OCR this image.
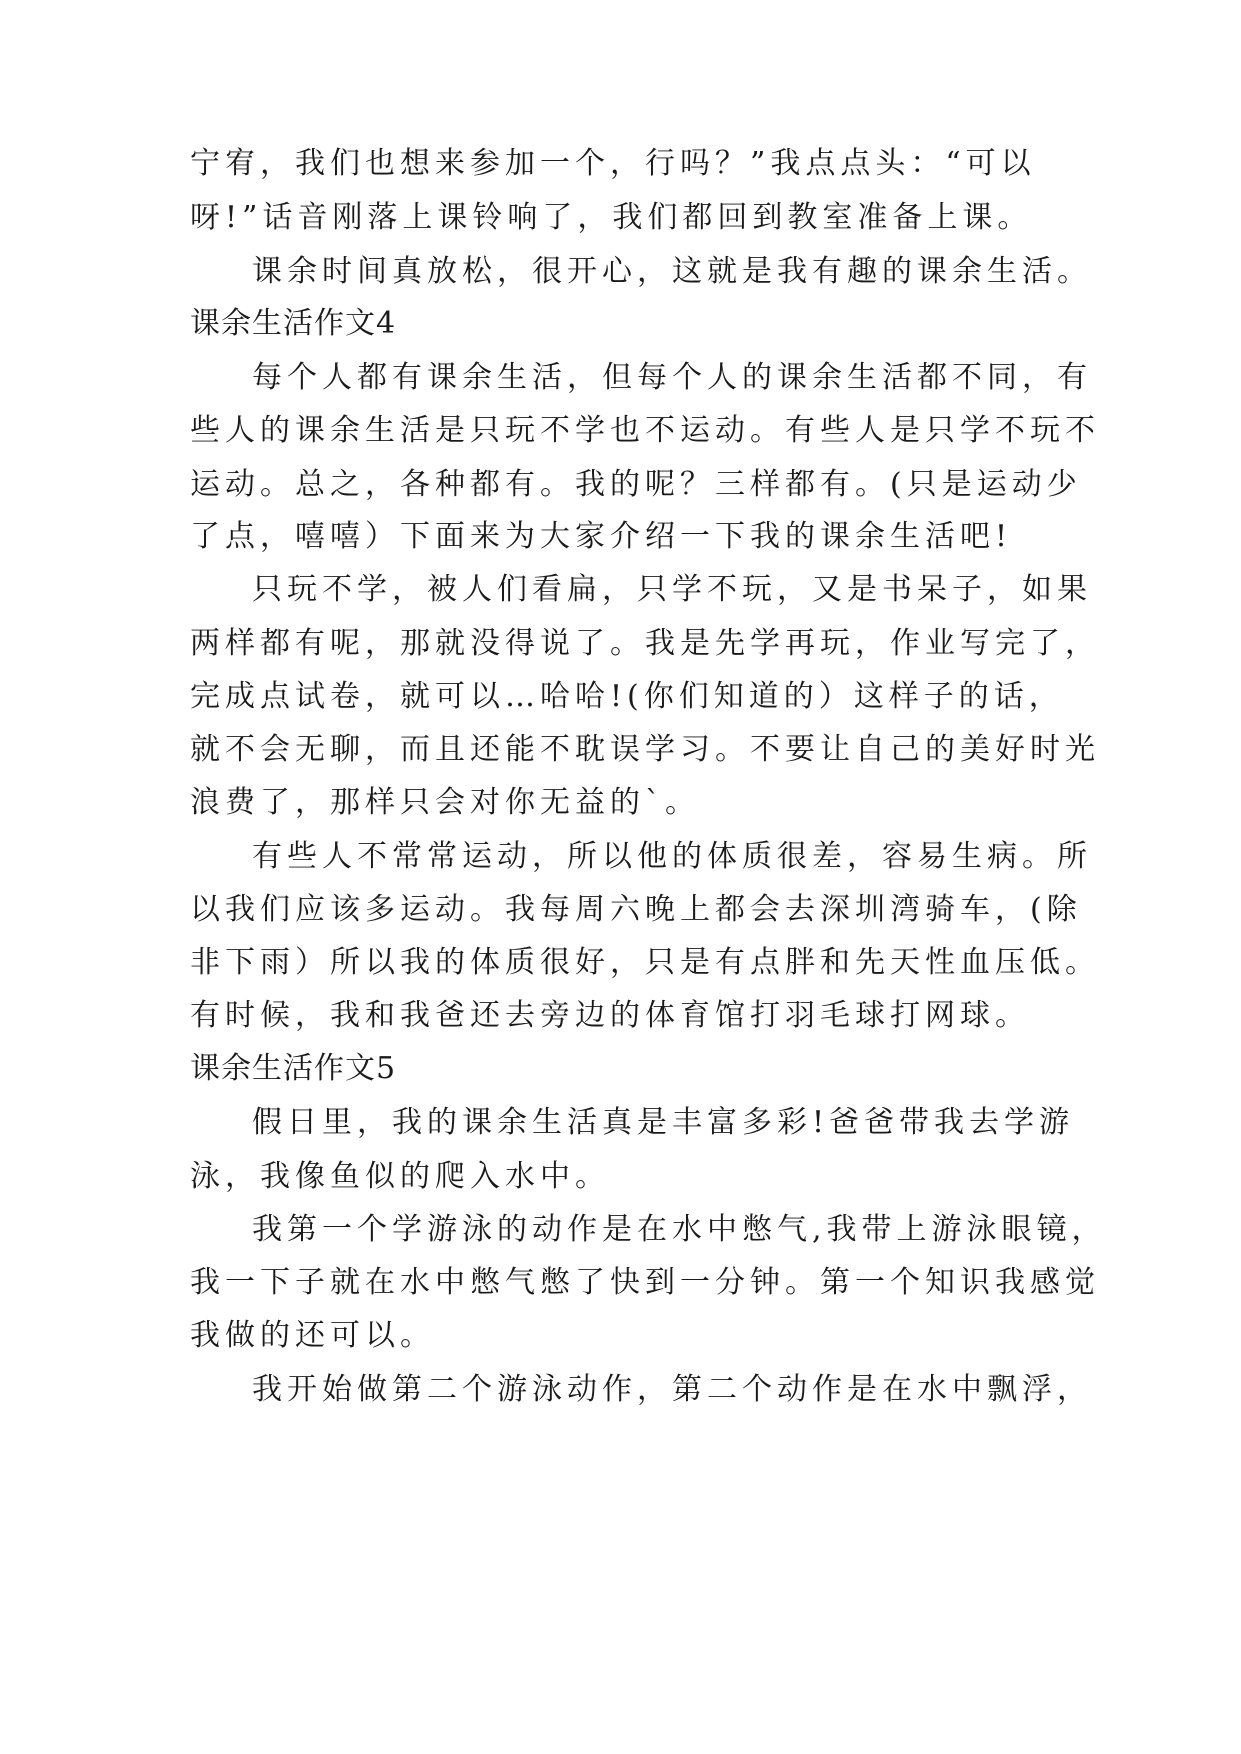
宁宥，我们也想来参加一个，行吗？”我点点头：“可以
呀!”话音刚落上课铃响了，我们都回到教室准备上课。
课余时间真放松，很开心，这就是我有趣的课余生活。
课余生活作文4
每个人都有课余生活，但每个人的课余生活都不同，有
些人的课余生活是只玩不学也不运动。有些人是只学不玩不
运动。总之，各种都有。我的呢？三样都有。(只是运动少
了点，嘻嘻）下面来为大家介绍一下我的课余生活吧!
只玩不学，被人们看扁，只学不玩，又是书呆子，如果
两样都有呢，那就没得说了。我是先学再玩，作业写完了，
完成点试卷，就可以…哈哈!(你们知道的）这样子的话，
就不会无聊，而且还能不耽误学习。不要让自己的美好时光
浪费了，那样只会对你无益的`。
有些人不常常运动，所以他的体质很差，容易生病。所
以我们应该多运动。我每周六晚上都会去深圳湾骑车，(除
非下雨）所以我的体质很好，只是有点胖和先天性血压低。
有时候，我和我爸还去旁边的体育馆打羽毛球打网球。
课余生活作文5
假日里，我的课余生活真是丰富多彩!爸爸带我去学游
泳，我像鱼似的爬入水中。
我第一个学游泳的动作是在水中憋气,我带上游泳眼镜，
我一下子就在水中憋气憋了快到一分钟。第一个知识我感觉
我做的还可以。
我开始做第二个游泳动作，第二个动作是在水中飘浮，
